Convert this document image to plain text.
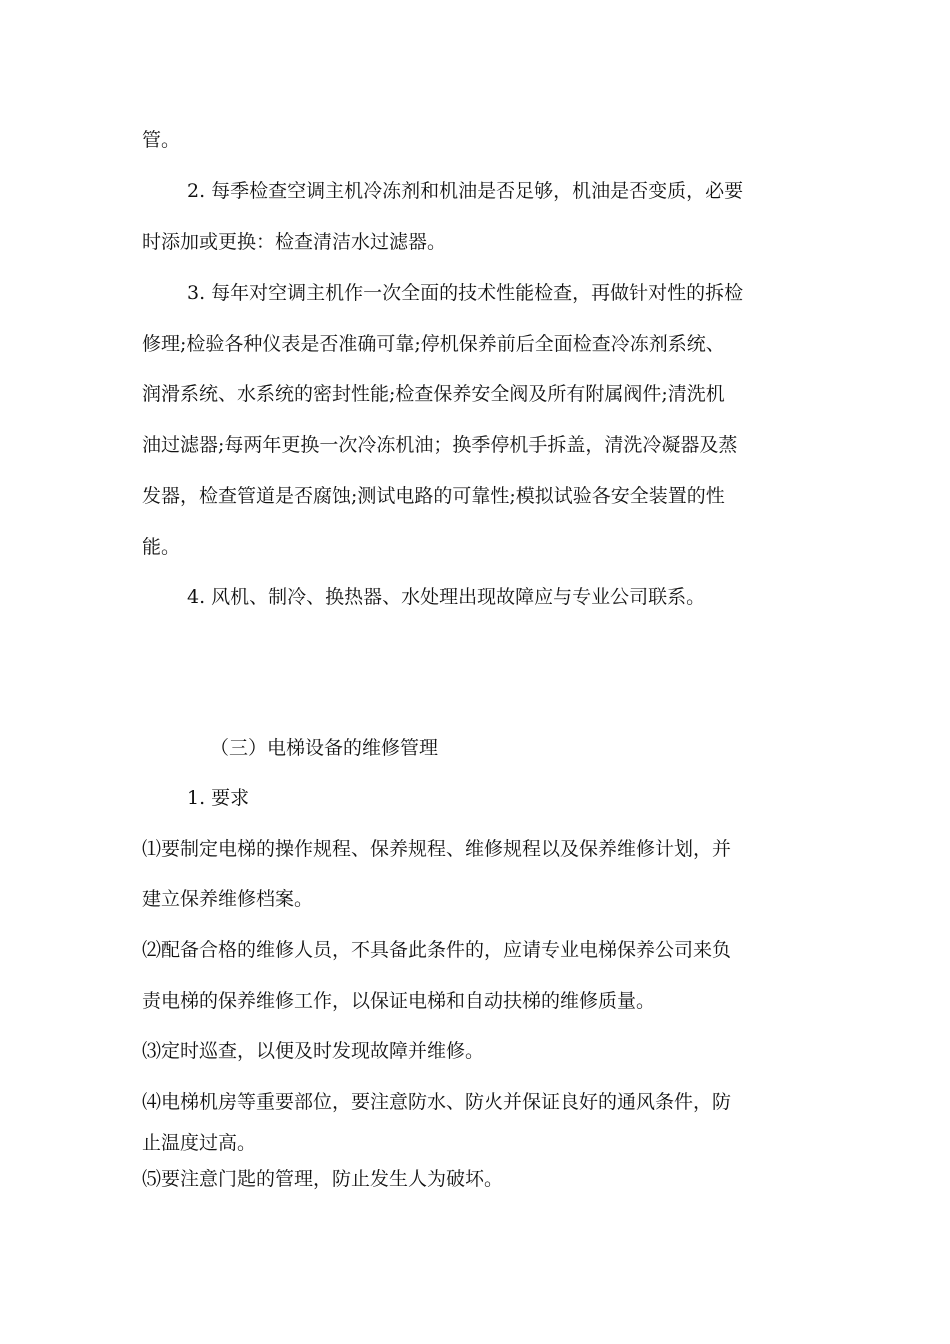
管。
2. 每季检查空调主机冷冻剂和机油是否足够，机油是否变质，必要
时添加或更换：检查清洁水过滤器。
3. 每年对空调主机作一次全面的技术性能检查，再做针对性的拆检
修理;检验各种仪表是否准确可靠;停机保养前后全面检查冷冻剂系统、
润滑系统、水系统的密封性能;检查保养安全阀及所有附属阀件;清洗机
油过滤器;每两年更换一次冷冻机油；换季停机手拆盖，清洗冷凝器及蒸
发器，检查管道是否腐蚀;测试电路的可靠性;模拟试验各安全装置的性
能。
4. 风机、制冷、换热器、水处理出现故障应与专业公司联系。
（三）电梯设备的维修管理
1. 要求
⑴要制定电梯的操作规程、保养规程、维修规程以及保养维修计划，并
建立保养维修档案。
⑵配备合格的维修人员，不具备此条件的，应请专业电梯保养公司来负
责电梯的保养维修工作，以保证电梯和自动扶梯的维修质量。
⑶定时巡查，以便及时发现故障并维修。
⑷电梯机房等重要部位，要注意防水、防火并保证良好的通风条件，防
止温度过高。
⑸要注意门匙的管理，防止发生人为破坏。
